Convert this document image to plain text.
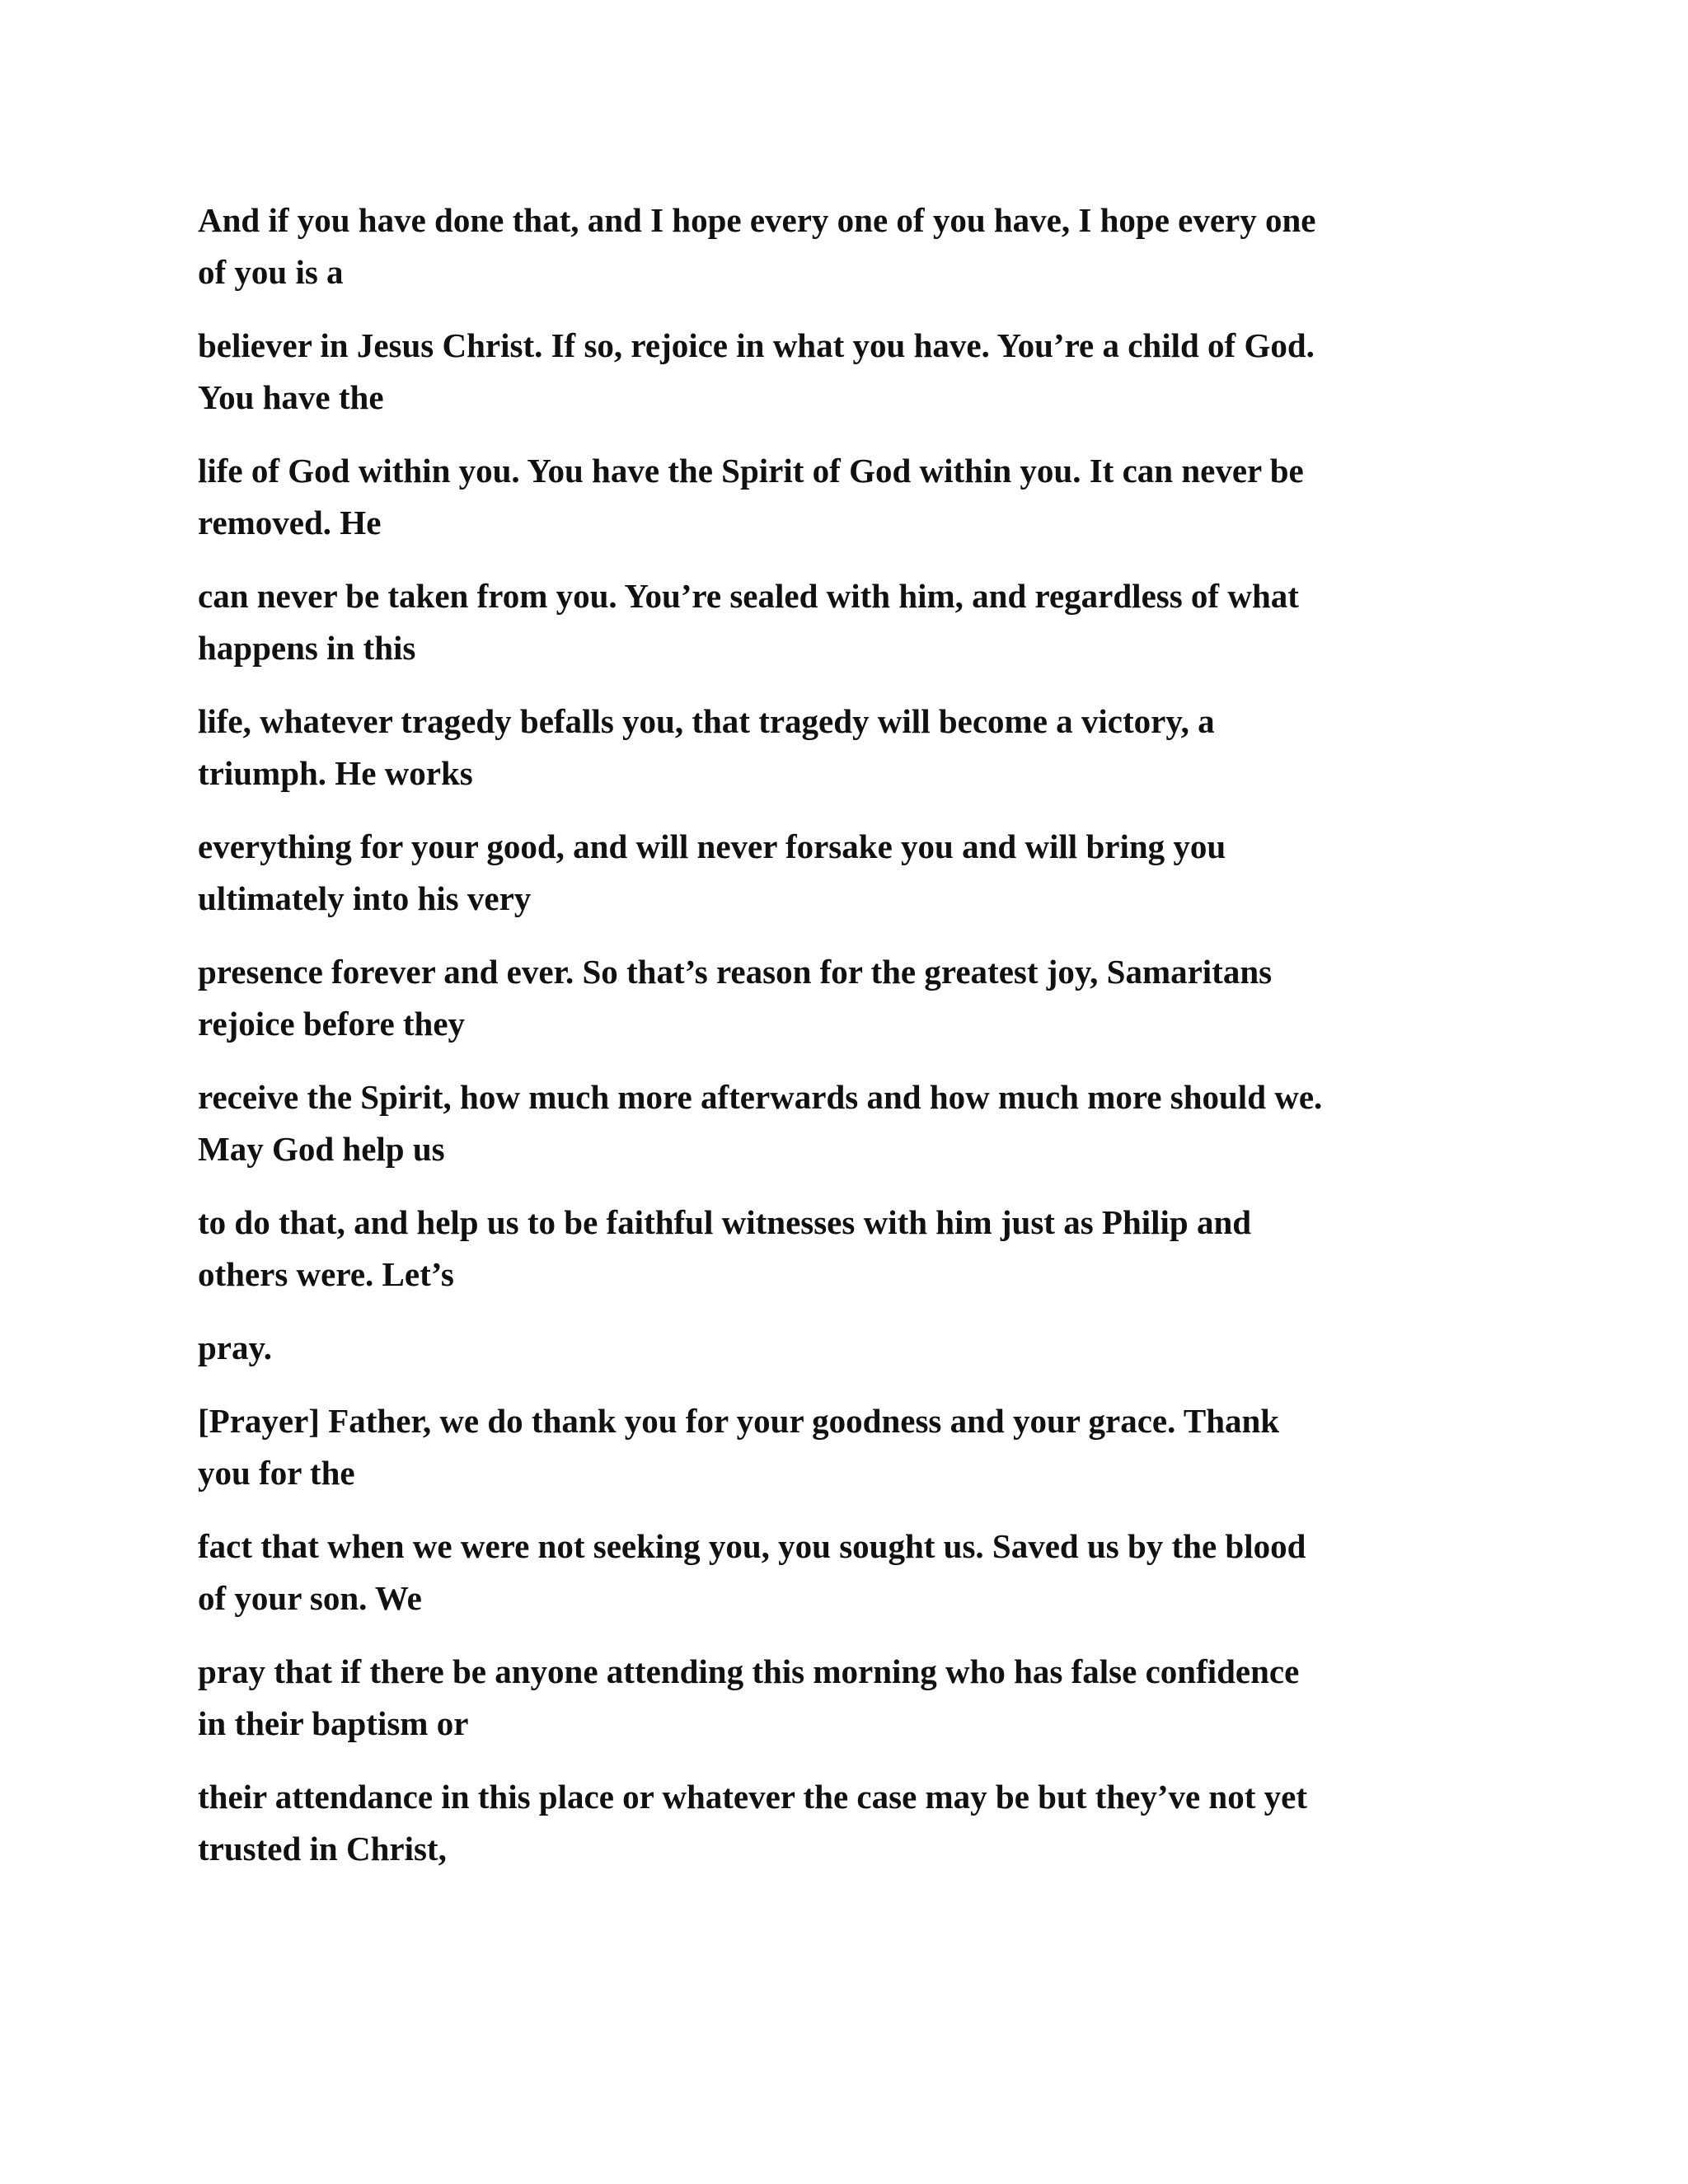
And if you have done that, and I hope every one of you have, I hope every one
of you is a

believer in Jesus Christ. If so, rejoice in what you have. You’re a child of God.
You have the

life of God within you. You have the Spirit of God within you. It can never be
removed. He

can never be taken from you. You’re sealed with him, and regardless of what
happens in this

life, whatever tragedy befalls you, that tragedy will become a victory, a
triumph. He works

everything for your good, and will never forsake you and will bring you
ultimately into his very

presence forever and ever. So that’s reason for the greatest joy, Samaritans
rejoice before they

receive the Spirit, how much more afterwards and how much more should we.
May God help us

to do that, and help us to be faithful witnesses with him just as Philip and
others were. Let’s

pray.

[Prayer] Father, we do thank you for your goodness and your grace. Thank
you for the

fact that when we were not seeking you, you sought us. Saved us by the blood
of your son. We

pray that if there be anyone attending this morning who has false confidence
in their baptism or

their attendance in this place or whatever the case may be but they’ve not yet
trusted in Christ,
